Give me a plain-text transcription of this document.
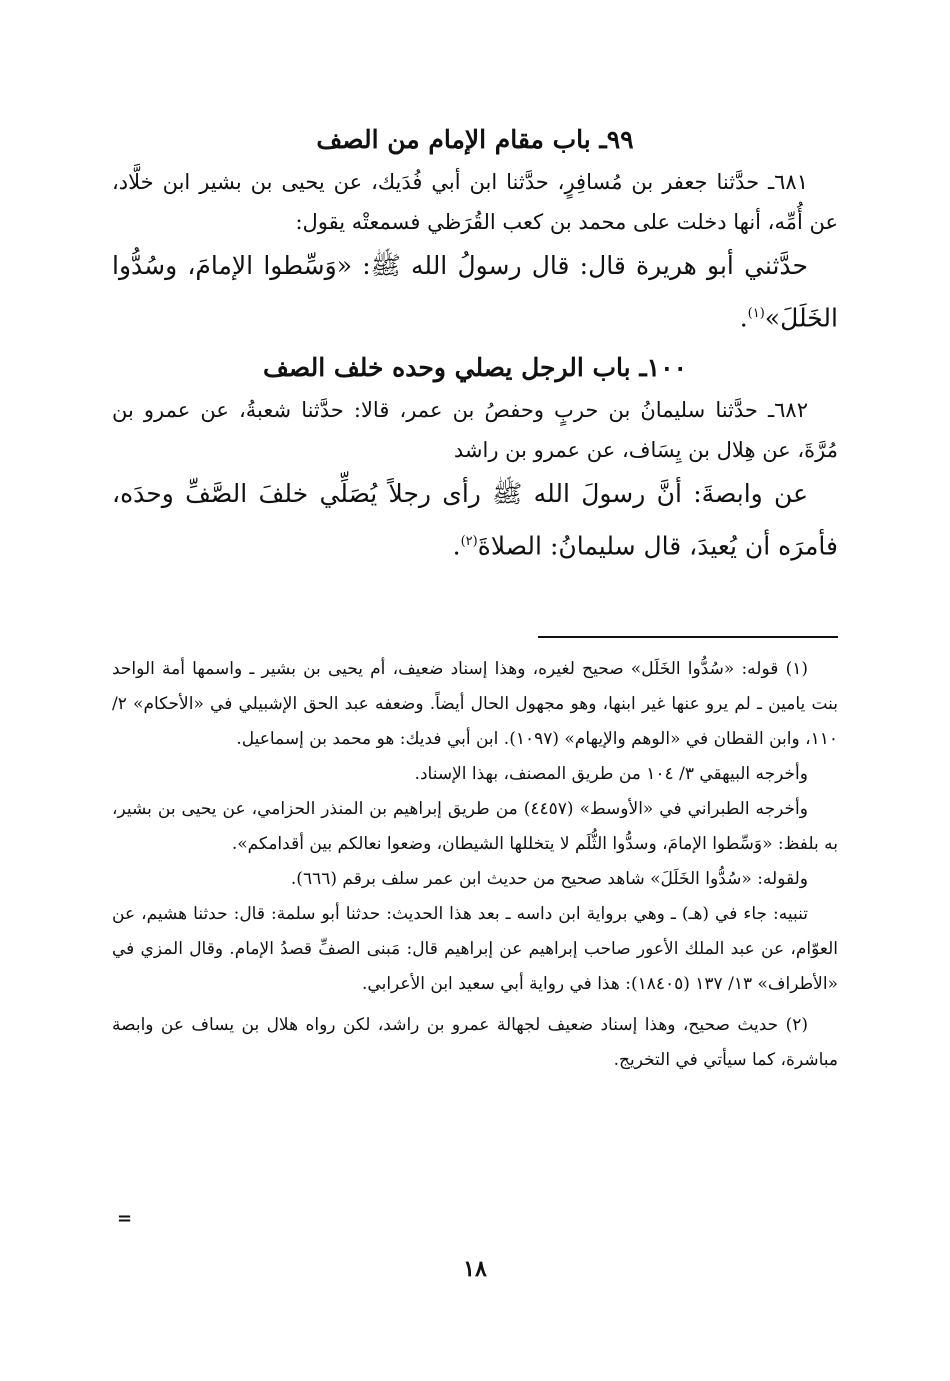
٩٩ـ باب مقام الإمام من الصف

٦٨١ـ حدَّثنا جعفر بن مُسافِرٍ، حدَّثنا ابن أبي فُدَيك، عن يحيى بن بشير ابن خلَّاد، عن أُمِّه، أنها دخلت على محمد بن كعب القُرَظي فسمعتْه يقول:

حدَّثني أبو هريرة قال: قال رسولُ الله ﷺ: «وَسِّطوا الإمامَ، وسُدُّوا الخَلَلَ»$^{(١)}$.

١٠٠ـ باب الرجل يصلي وحده خلف الصف

٦٨٢ـ حدَّثنا سليمانُ بن حربٍ وحفصُ بن عمر، قالا: حدَّثنا شعبةُ، عن عمرو بن مُرَّةَ، عن هِلال بن يِسَاف، عن عمرو بن راشد

عن وابصةَ: أنَّ رسولَ الله ﷺ رأى رجلاً يُصَلِّي خلفَ الصَّفِّ وحدَه، فأمرَه أن يُعيدَ، قال سليمانُ: الصلاةَ$^{(٢)}$.

(١) قوله: «سُدُّوا الخَلَل» صحيح لغيره، وهذا إسناد ضعيف، أم يحيى بن بشير ـ واسمها أمة الواحد بنت يامين ـ لم يرو عنها غير ابنها، وهو مجهول الحال أيضاً. وضعفه عبد الحق الإشبيلي في «الأحكام» ٢/ ١١٠، وابن القطان في «الوهم والإيهام» (١٠٩٧). ابن أبي فديك: هو محمد بن إسماعيل.

وأخرجه البيهقي ٣/ ١٠٤ من طريق المصنف، بهذا الإسناد.

وأخرجه الطبراني في «الأوسط» (٤٤٥٧) من طريق إبراهيم بن المنذر الحزامي، عن يحيى بن بشير، به بلفظ: «وَسِّطوا الإمامَ، وسدُّوا الثُّلَم لا يتخللها الشيطان، وضعوا نعالكم بين أقدامكم».

ولقوله: «سُدُّوا الخَلَلَ» شاهد صحيح من حديث ابن عمر سلف برقم (٦٦٦).

تنبيه: جاء في (هـ) ـ وهي برواية ابن داسه ـ بعد هذا الحديث: حدثنا أبو سلمة: قال: حدثنا هشيم، عن العوّام، عن عبد الملك الأعور صاحب إبراهيم عن إبراهيم قال: مَبنى الصفِّ قصدُ الإمام. وقال المزي في «الأطراف» ١٣/ ١٣٧ (١٨٤٠٥): هذا في رواية أبي سعيد ابن الأعرابي.

(٢) حديث صحيح، وهذا إسناد ضعيف لجهالة عمرو بن راشد، لكن رواه هلال بن يساف عن وابصة مباشرة، كما سيأتي في التخريج.

=
١٨
